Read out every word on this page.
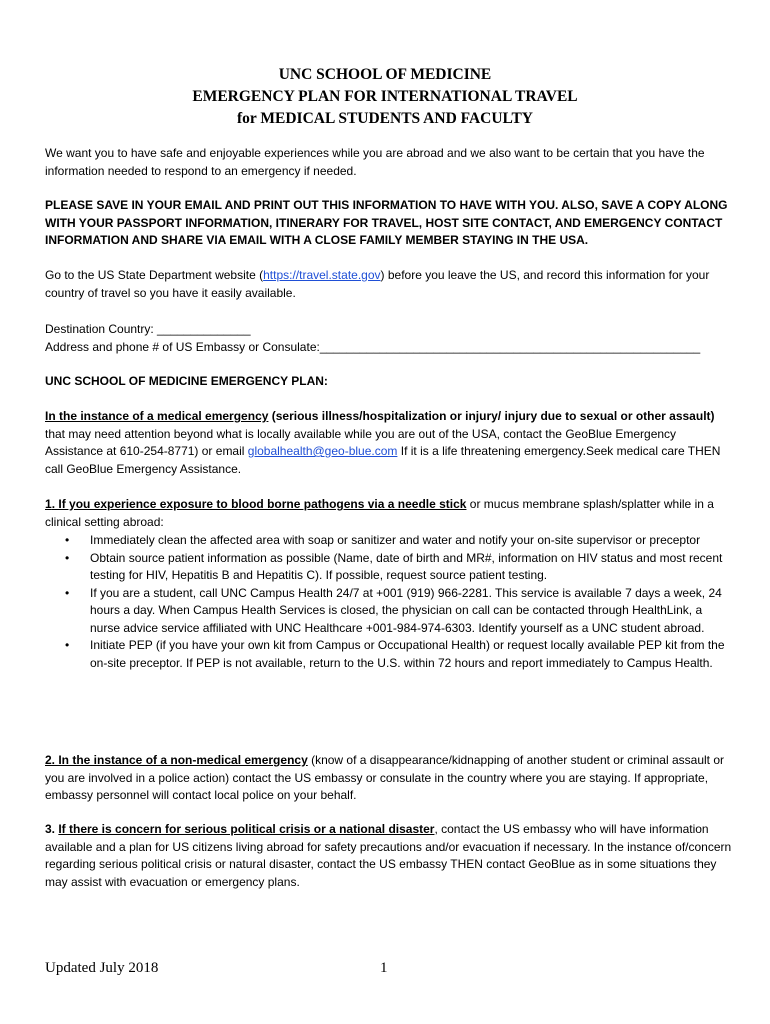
UNC SCHOOL OF MEDICINE
EMERGENCY PLAN FOR INTERNATIONAL TRAVEL
for MEDICAL STUDENTS AND FACULTY
We want you to have safe and enjoyable experiences while you are abroad and we also want to be certain that you have the information needed to respond to an emergency if needed.
PLEASE SAVE IN YOUR EMAIL AND PRINT OUT THIS INFORMATION TO HAVE WITH YOU. ALSO, SAVE A COPY ALONG WITH YOUR PASSPORT INFORMATION, ITINERARY FOR TRAVEL, HOST SITE CONTACT, AND EMERGENCY CONTACT INFORMATION AND SHARE VIA EMAIL WITH A CLOSE FAMILY MEMBER STAYING IN THE USA.
Go to the US State Department website (https://travel.state.gov) before you leave the US, and record this information for your country of travel so you have it easily available.
Destination Country: ______________
Address and phone # of US Embassy or Consulate:_________________________________________________________
UNC SCHOOL OF MEDICINE EMERGENCY PLAN:
In the instance of a medical emergency (serious illness/hospitalization or injury/ injury due to sexual or other assault) that may need attention beyond what is locally available while you are out of the USA, contact the GeoBlue Emergency Assistance at 610-254-8771) or email globalhealth@geo-blue.com If it is a life threatening emergency.Seek medical care THEN call GeoBlue Emergency Assistance.
1. If you experience exposure to blood borne pathogens via a needle stick or mucus membrane splash/splatter while in a clinical setting abroad:
• Immediately clean the affected area with soap or sanitizer and water and notify your on-site supervisor or preceptor
• Obtain source patient information as possible (Name, date of birth and MR#, information on HIV status and most recent testing for HIV, Hepatitis B and Hepatitis C). If possible, request source patient testing.
• If you are a student, call UNC Campus Health 24/7 at +001 (919) 966-2281. This service is available 7 days a week, 24 hours a day. When Campus Health Services is closed, the physician on call can be contacted through HealthLink, a nurse advice service affiliated with UNC Healthcare +001-984-974-6303. Identify yourself as a UNC student abroad.
• Initiate PEP (if you have your own kit from Campus or Occupational Health) or request locally available PEP kit from the on-site preceptor. If PEP is not available, return to the U.S. within 72 hours and report immediately to Campus Health.
2. In the instance of a non-medical emergency (know of a disappearance/kidnapping of another student or criminal assault or you are involved in a police action) contact the US embassy or consulate in the country where you are staying. If appropriate, embassy personnel will contact local police on your behalf.
3. If there is concern for serious political crisis or a national disaster, contact the US embassy who will have information available and a plan for US citizens living abroad for safety precautions and/or evacuation if necessary. In the instance of/concern regarding serious political crisis or natural disaster, contact the US embassy THEN contact GeoBlue as in some situations they may assist with evacuation or emergency plans.
Updated July 2018	1
